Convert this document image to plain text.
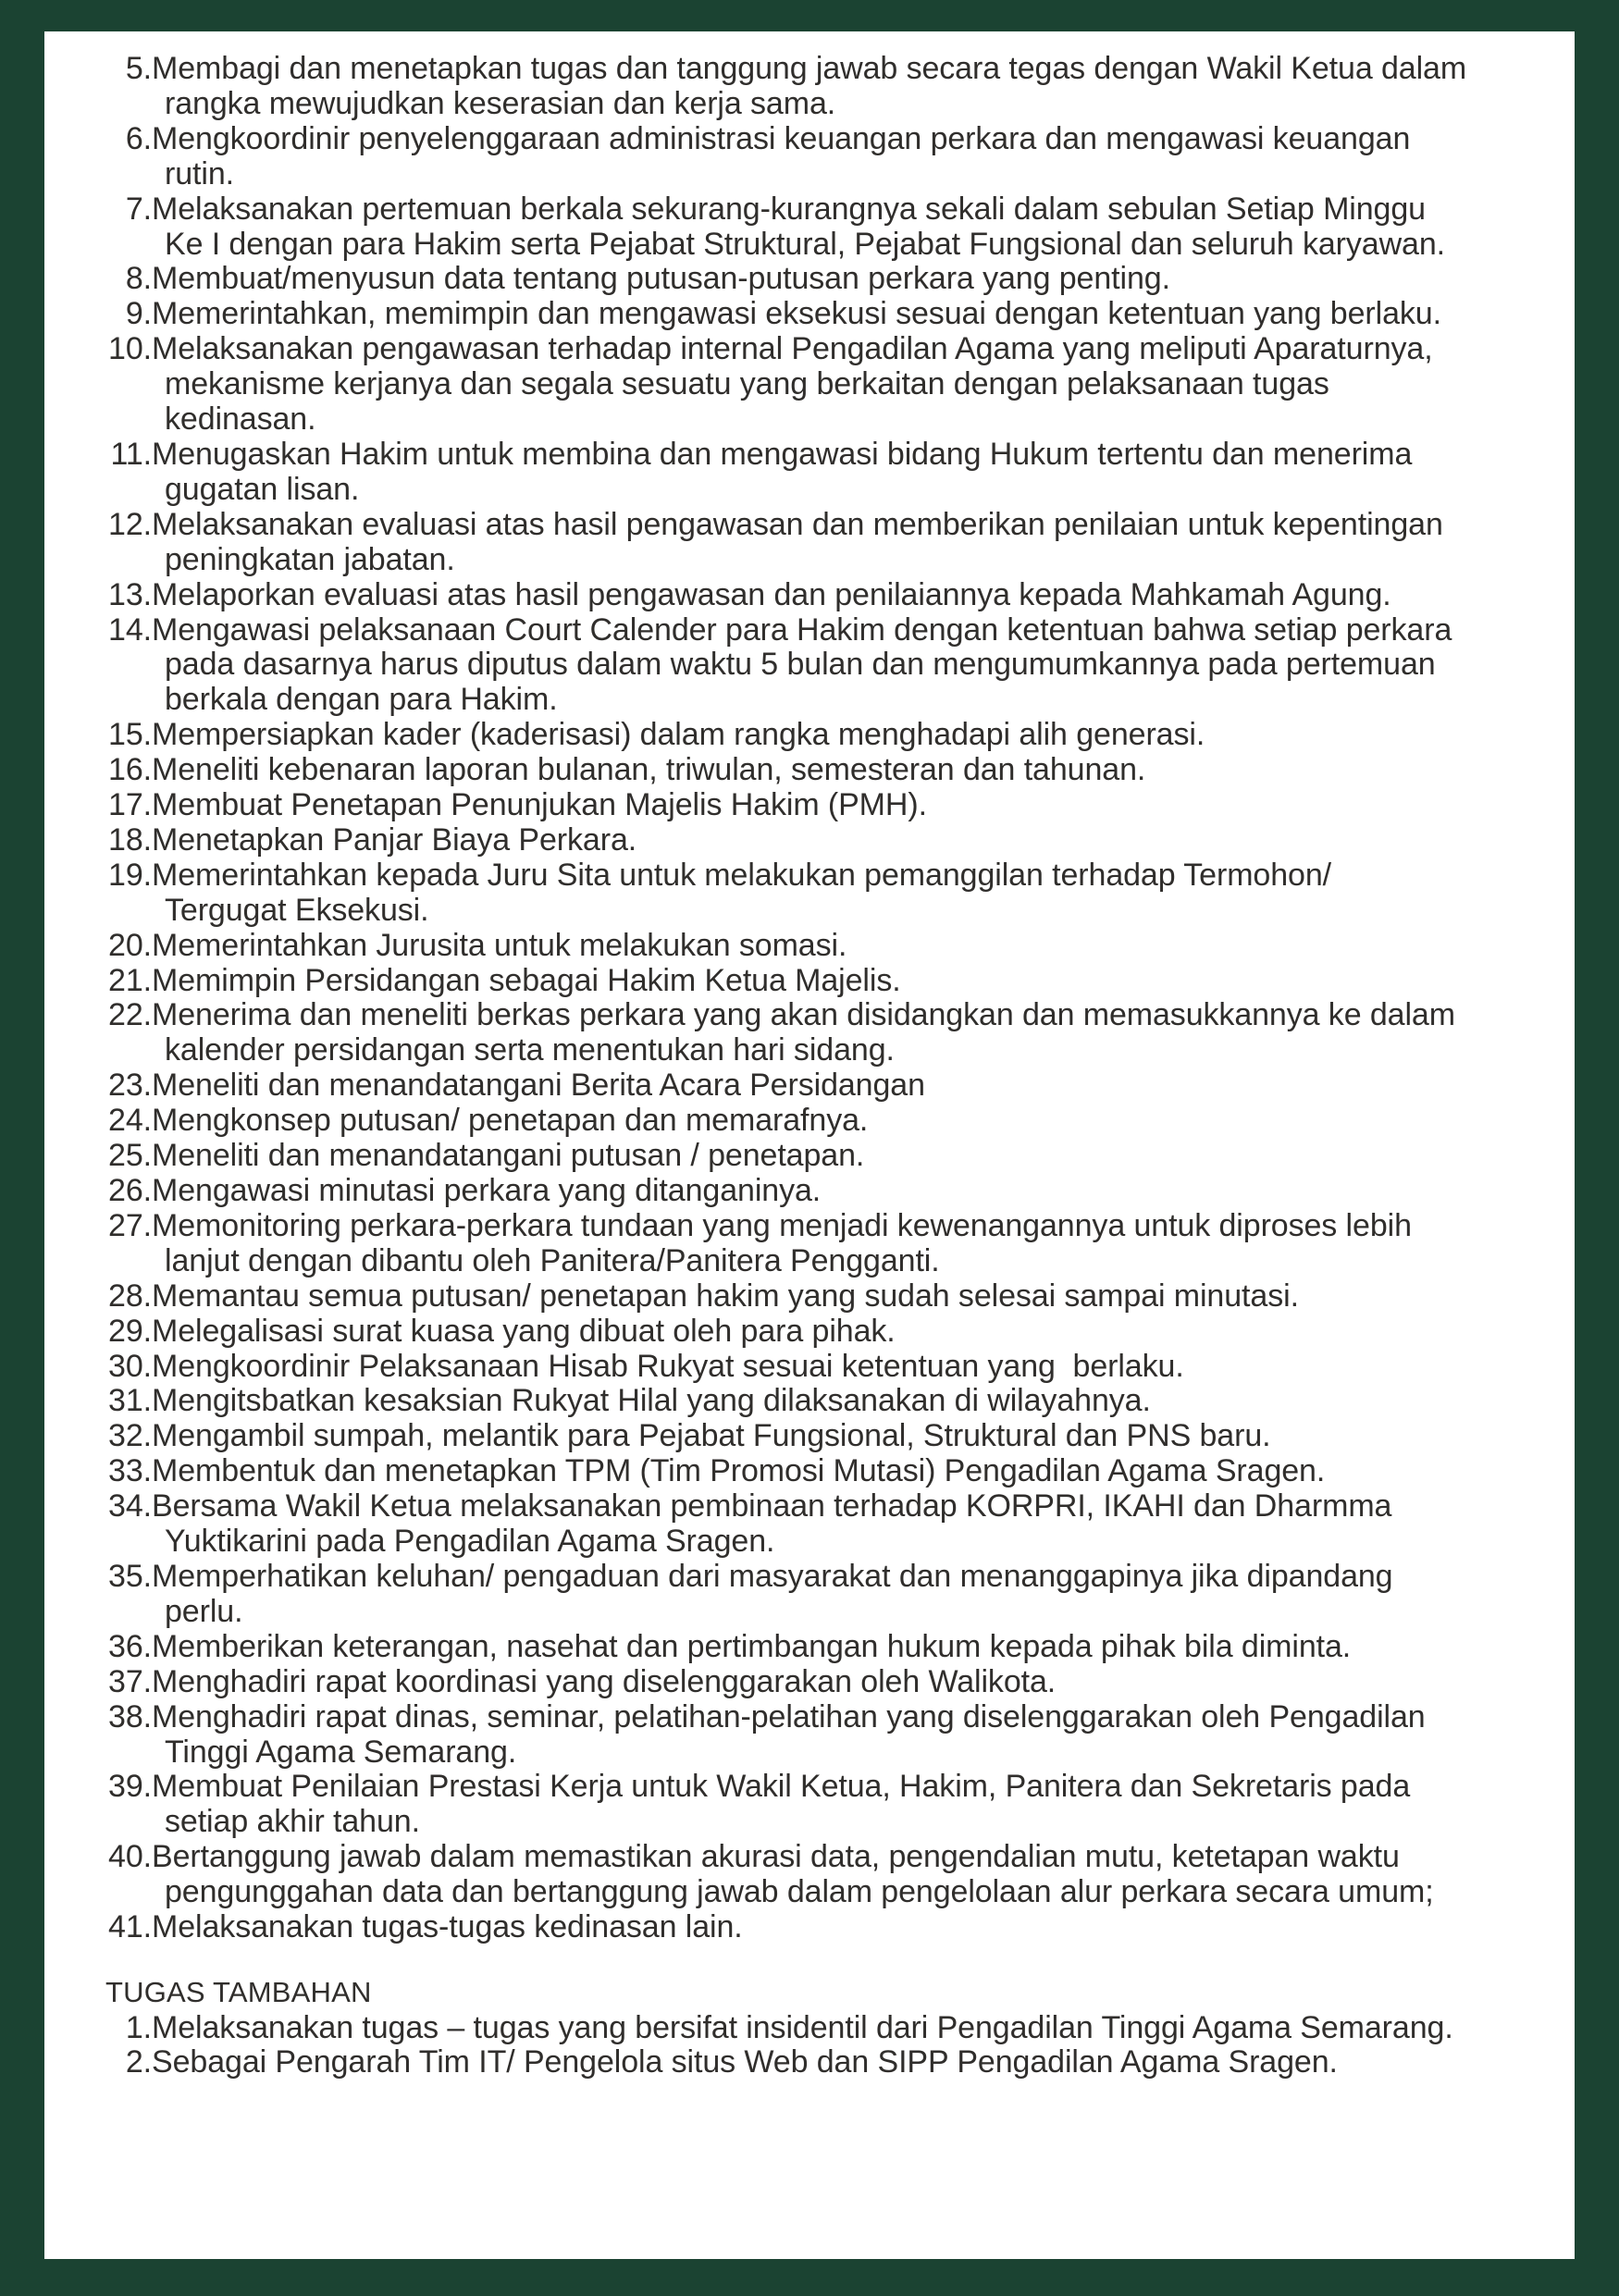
5. Membagi dan menetapkan tugas dan tanggung jawab secara tegas dengan Wakil Ketua dalam
rangka mewujudkan keserasian dan kerja sama.
6. Mengkoordinir penyelenggaraan administrasi keuangan perkara dan mengawasi keuangan
rutin.
7. Melaksanakan pertemuan berkala sekurang-kurangnya sekali dalam sebulan Setiap Minggu
Ke I dengan para Hakim serta Pejabat Struktural, Pejabat Fungsional dan seluruh karyawan.
8. Membuat/menyusun data tentang putusan-putusan perkara yang penting.
9. Memerintahkan, memimpin dan mengawasi eksekusi sesuai dengan ketentuan yang berlaku.
10. Melaksanakan pengawasan terhadap internal Pengadilan Agama yang meliputi Aparaturnya,
mekanisme kerjanya dan segala sesuatu yang berkaitan dengan pelaksanaan tugas
kedinasan.
11. Menugaskan Hakim untuk membina dan mengawasi bidang Hukum tertentu dan menerima
gugatan lisan.
12. Melaksanakan evaluasi atas hasil pengawasan dan memberikan penilaian untuk kepentingan
peningkatan jabatan.
13. Melaporkan evaluasi atas hasil pengawasan dan penilaiannya kepada Mahkamah Agung.
14. Mengawasi pelaksanaan Court Calender para Hakim dengan ketentuan bahwa setiap perkara
pada dasarnya harus diputus dalam waktu 5 bulan dan mengumumkannya pada pertemuan
berkala dengan para Hakim.
15. Mempersiapkan kader (kaderisasi) dalam rangka menghadapi alih generasi.
16. Meneliti kebenaran laporan bulanan, triwulan, semesteran dan tahunan.
17. Membuat Penetapan Penunjukan Majelis Hakim (PMH).
18. Menetapkan Panjar Biaya Perkara.
19. Memerintahkan kepada Juru Sita untuk melakukan pemanggilan terhadap Termohon/
Tergugat Eksekusi.
20. Memerintahkan Jurusita untuk melakukan somasi.
21. Memimpin Persidangan sebagai Hakim Ketua Majelis.
22. Menerima dan meneliti berkas perkara yang akan disidangkan dan memasukkannya ke dalam
kalender persidangan serta menentukan hari sidang.
23. Meneliti dan menandatangani Berita Acara Persidangan
24. Mengkonsep putusan/ penetapan dan memarafnya.
25. Meneliti dan menandatangani putusan / penetapan.
26. Mengawasi minutasi perkara yang ditanganinya.
27. Memonitoring perkara-perkara tundaan yang menjadi kewenangannya untuk diproses lebih
lanjut dengan dibantu oleh Panitera/Panitera Pengganti.
28. Memantau semua putusan/ penetapan hakim yang sudah selesai sampai minutasi.
29. Melegalisasi surat kuasa yang dibuat oleh para pihak.
30. Mengkoordinir Pelaksanaan Hisab Rukyat sesuai ketentuan yang  berlaku.
31. Mengitsbatkan kesaksian Rukyat Hilal yang dilaksanakan di wilayahnya.
32. Mengambil sumpah, melantik para Pejabat Fungsional, Struktural dan PNS baru.
33. Membentuk dan menetapkan TPM (Tim Promosi Mutasi) Pengadilan Agama Sragen.
34. Bersama Wakil Ketua melaksanakan pembinaan terhadap KORPRI, IKAHI dan Dharmma
Yuktikarini pada Pengadilan Agama Sragen.
35. Memperhatikan keluhan/ pengaduan dari masyarakat dan menanggapinya jika dipandang
perlu.
36. Memberikan keterangan, nasehat dan pertimbangan hukum kepada pihak bila diminta.
37. Menghadiri rapat koordinasi yang diselenggarakan oleh Walikota.
38. Menghadiri rapat dinas, seminar, pelatihan-pelatihan yang diselenggarakan oleh Pengadilan
Tinggi Agama Semarang.
39. Membuat Penilaian Prestasi Kerja untuk Wakil Ketua, Hakim, Panitera dan Sekretaris pada
setiap akhir tahun.
40. Bertanggung jawab dalam memastikan akurasi data, pengendalian mutu, ketetapan waktu
pengunggahan data dan bertanggung jawab dalam pengelolaan alur perkara secara umum;
41. Melaksanakan tugas-tugas kedinasan lain.
TUGAS TAMBAHAN
1. Melaksanakan tugas – tugas yang bersifat insidentil dari Pengadilan Tinggi Agama Semarang.
2. Sebagai Pengarah Tim IT/ Pengelola situs Web dan SIPP Pengadilan Agama Sragen.
